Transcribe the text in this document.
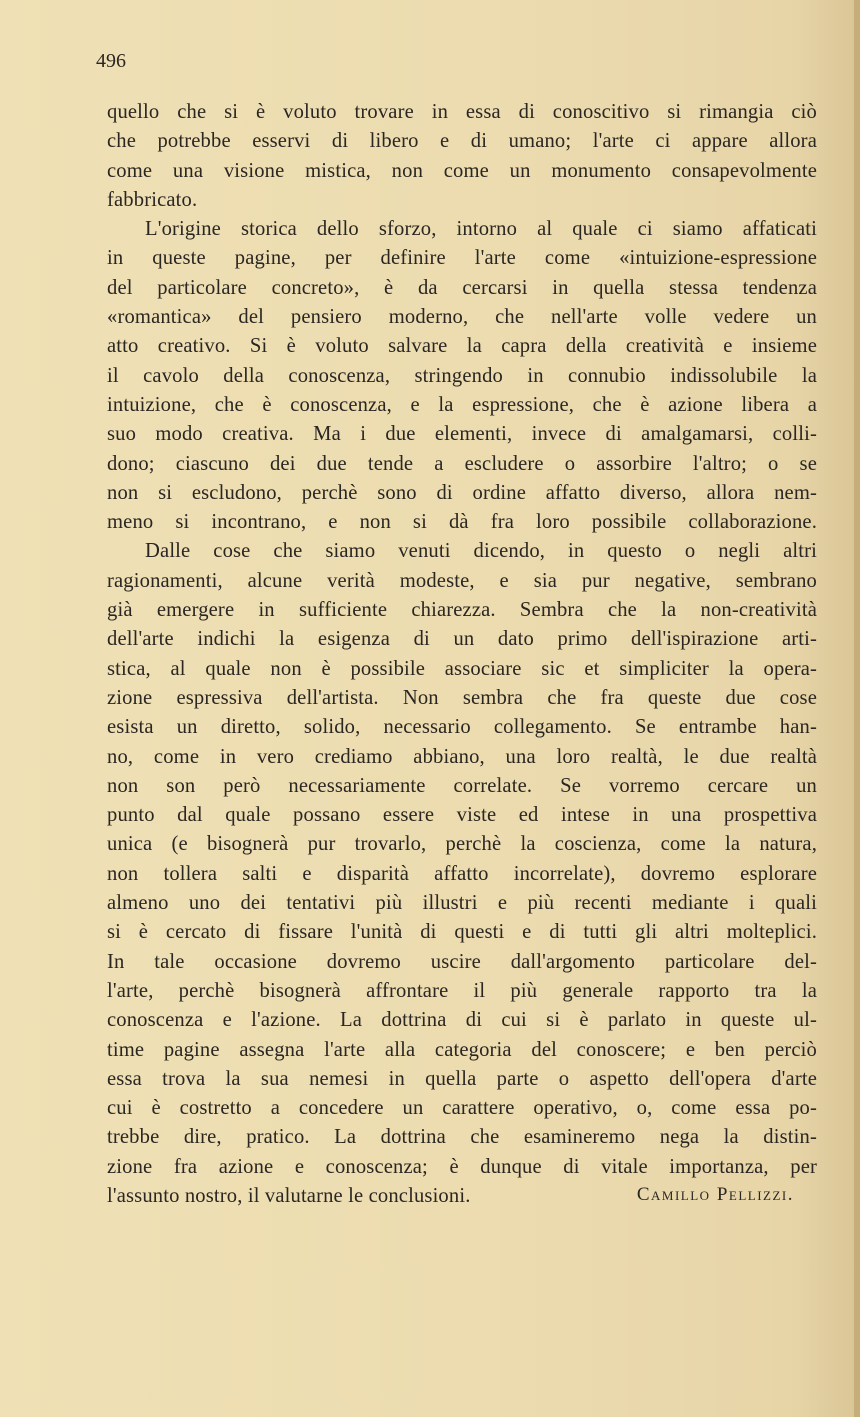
496

quello che si è voluto trovare in essa di conoscitivo si rimangia ciò

che potrebbe esservi di libero e di umano; l'arte ci appare allora

come una visione mistica, non come un monumento consapevolmente

fabbricato.

L'origine storica dello sforzo, intorno al quale ci siamo affaticati

in queste pagine, per definire l'arte come «intuizione-espressione

del particolare concreto», è da cercarsi in quella stessa tendenza

«romantica» del pensiero moderno, che nell'arte volle vedere un

atto creativo. Si è voluto salvare la capra della creatività e insieme

il cavolo della conoscenza, stringendo in connubio indissolubile la

intuizione, che è conoscenza, e la espressione, che è azione libera a

suo modo creativa. Ma i due elementi, invece di amalgamarsi, colli-

dono; ciascuno dei due tende a escludere o assorbire l'altro; o se

non si escludono, perchè sono di ordine affatto diverso, allora nem-

meno si incontrano, e non si dà fra loro possibile collaborazione.

Dalle cose che siamo venuti dicendo, in questo o negli altri

ragionamenti, alcune verità modeste, e sia pur negative, sembrano

già emergere in sufficiente chiarezza. Sembra che la non-creatività

dell'arte indichi la esigenza di un dato primo dell'ispirazione arti-

stica, al quale non è possibile associare sic et simpliciter la opera-

zione espressiva dell'artista. Non sembra che fra queste due cose

esista un diretto, solido, necessario collegamento. Se entrambe han-

no, come in vero crediamo abbiano, una loro realtà, le due realtà

non son però necessariamente correlate. Se vorremo cercare un

punto dal quale possano essere viste ed intese in una prospettiva

unica (e bisognerà pur trovarlo, perchè la coscienza, come la natura,

non tollera salti e disparità affatto incorrelate), dovremo esplorare

almeno uno dei tentativi più illustri e più recenti mediante i quali

si è cercato di fissare l'unità di questi e di tutti gli altri molteplici.

In tale occasione dovremo uscire dall'argomento particolare del-

l'arte, perchè bisognerà affrontare il più generale rapporto tra la

conoscenza e l'azione. La dottrina di cui si è parlato in queste ul-

time pagine assegna l'arte alla categoria del conoscere; e ben perciò

essa trova la sua nemesi in quella parte o aspetto dell'opera d'arte

cui è costretto a concedere un carattere operativo, o, come essa po-

trebbe dire, pratico. La dottrina che esamineremo nega la distin-

zione fra azione e conoscenza; è dunque di vitale importanza, per

l'assunto nostro, il valutarne le conclusioni.	Camillo Pellizzi.
